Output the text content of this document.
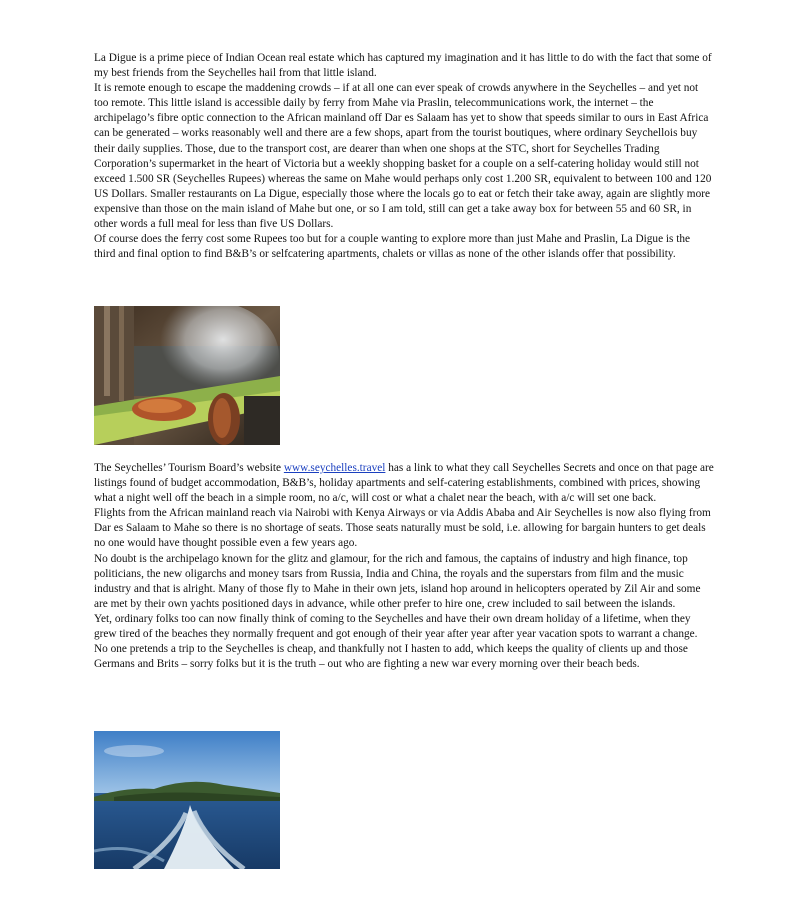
La Digue is a prime piece of Indian Ocean real estate which has captured my imagination and it has little to do with the fact that some of my best friends from the Seychelles hail from that little island.

It is remote enough to escape the maddening crowds – if at all one can ever speak of crowds anywhere in the Seychelles – and yet not too remote. This little island is accessible daily by ferry from Mahe via Praslin, telecommunications work, the internet – the archipelago’s fibre optic connection to the African mainland off Dar es Salaam has yet to show that speeds similar to ours in East Africa can be generated – works reasonably well and there are a few shops, apart from the tourist boutiques, where ordinary Seychellois buy their daily supplies. Those, due to the transport cost, are dearer than when one shops at the STC, short for Seychelles Trading Corporation’s supermarket in the heart of Victoria but a weekly shopping basket for a couple on a self-catering holiday would still not exceed 1.500 SR (Seychelles Rupees) whereas the same on Mahe would perhaps only cost 1.200 SR, equivalent to between 100 and 120 US Dollars. Smaller restaurants on La Digue, especially those where the locals go to eat or fetch their take away, again are slightly more expensive than those on the main island of Mahe but one, or so I am told, still can get a take away box for between 55 and 60 SR, in other words a full meal for less than five US Dollars.

Of course does the ferry cost some Rupees too but for a couple wanting to explore more than just Mahe and Praslin, La Digue is the third and final option to find B&B’s or selfcatering apartments, chalets or villas as none of the other islands offer that possibility.

The Seychelles’ Tourism Board’s website www.seychelles.travel has a link to what they call Seychelles Secrets and once on that page are listings found of budget accommodation, B&B’s, holiday apartments and self-catering establishments, combined with prices, showing what a night well off the beach in a simple room, no a/c, will cost or what a chalet near the beach, with a/c will set one back.

Flights from the African mainland reach via Nairobi with Kenya Airways or via Addis Ababa and Air Seychelles is now also flying from Dar es Salaam to Mahe so there is no shortage of seats. Those seats naturally must be sold, i.e. allowing for bargain hunters to get deals no one would have thought possible even a few years ago.

No doubt is the archipelago known for the glitz and glamour, for the rich and famous, the captains of industry and high finance, top politicians, the new oligarchs and money tsars from Russia, India and China, the royals and the superstars from film and the music industry and that is alright. Many of those fly to Mahe in their own jets, island hop around in helicopters operated by Zil Air and some are met by their own yachts positioned days in advance, while other prefer to hire one, crew included to sail between the islands.

Yet, ordinary folks too can now finally think of coming to the Seychelles and have their own dream holiday of a lifetime, when they grew tired of the beaches they normally frequent and got enough of their year after year after year vacation spots to warrant a change. No one pretends a trip to the Seychelles is cheap, and thankfully not I hasten to add, which keeps the quality of clients up and those Germans and Brits – sorry folks but it is the truth – out who are fighting a new war every morning over their beach beds.
